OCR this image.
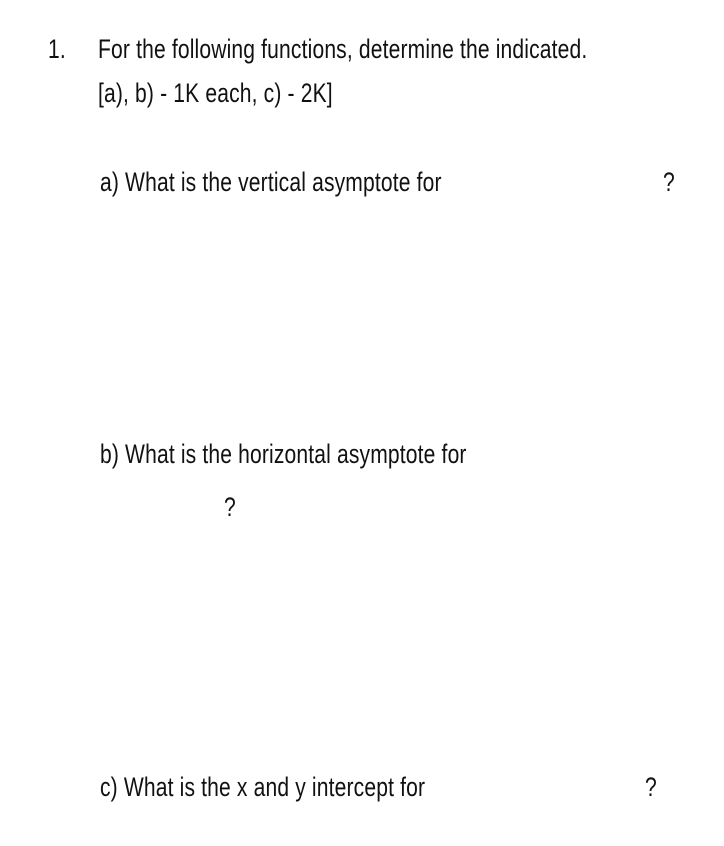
1. For the following functions, determine the indicated.
[a), b) - 1K each, c) - 2K]
a) What is the vertical asymptote for	?
b) What is the horizontal asymptote for
?
c) What is the x and y intercept for	?
